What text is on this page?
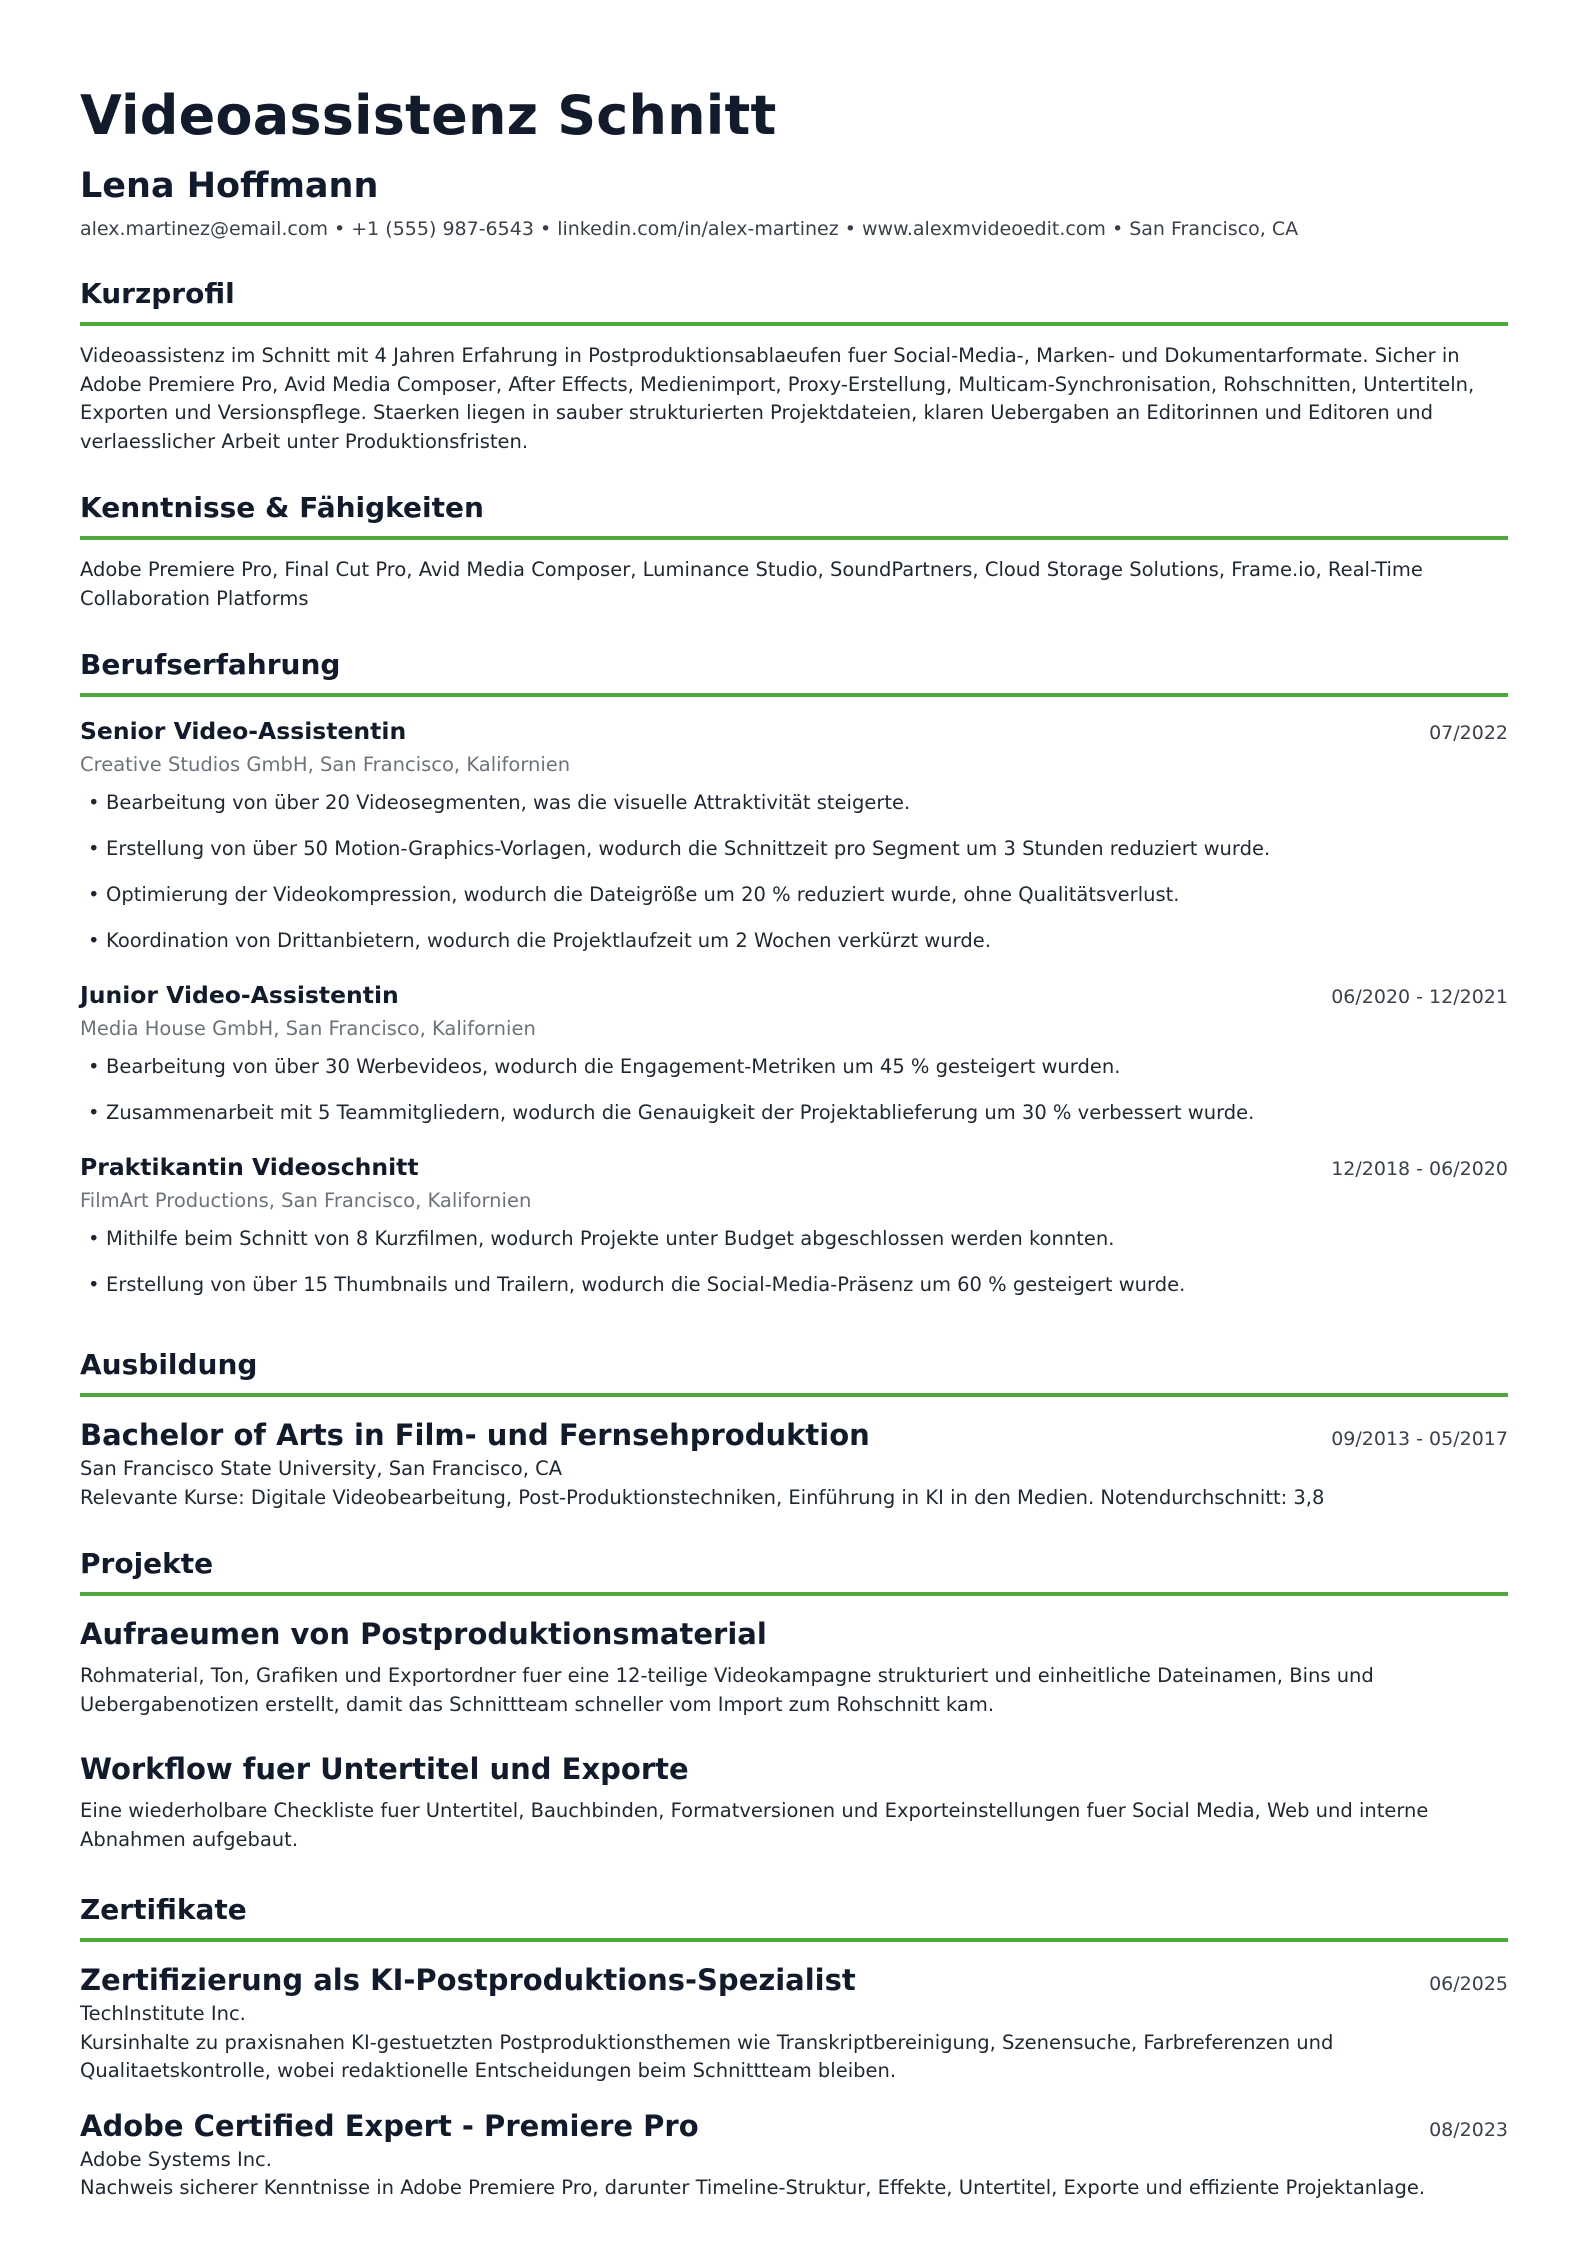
Videoassistenz Schnitt
Lena Hoffmann
alex.martinez@email.com • +1 (555) 987-6543 • linkedin.com/in/alex-martinez • www.alexmvideoedit.com • San Francisco, CA
Kurzprofil
Videoassistenz im Schnitt mit 4 Jahren Erfahrung in Postproduktionsablaeufen fuer Social-Media-, Marken- und Dokumentarformate. Sicher in Adobe Premiere Pro, Avid Media Composer, After Effects, Medienimport, Proxy-Erstellung, Multicam-Synchronisation, Rohschnitten, Untertiteln, Exporten und Versionspflege. Staerken liegen in sauber strukturierten Projektdateien, klaren Uebergaben an Editorinnen und Editoren und verlaesslicher Arbeit unter Produktionsfristen.
Kenntnisse & Fähigkeiten
Adobe Premiere Pro, Final Cut Pro, Avid Media Composer, Luminance Studio, SoundPartners, Cloud Storage Solutions, Frame.io, Real-Time Collaboration Platforms
Berufserfahrung
Senior Video-Assistentin	07/2022
Creative Studios GmbH, San Francisco, Kalifornien
• Bearbeitung von über 20 Videosegmenten, was die visuelle Attraktivität steigerte.
• Erstellung von über 50 Motion-Graphics-Vorlagen, wodurch die Schnittzeit pro Segment um 3 Stunden reduziert wurde.
• Optimierung der Videokompression, wodurch die Dateigröße um 20 % reduziert wurde, ohne Qualitätsverlust.
• Koordination von Drittanbietern, wodurch die Projektlaufzeit um 2 Wochen verkürzt wurde.
Junior Video-Assistentin	06/2020 - 12/2021
Media House GmbH, San Francisco, Kalifornien
• Bearbeitung von über 30 Werbevideos, wodurch die Engagement-Metriken um 45 % gesteigert wurden.
• Zusammenarbeit mit 5 Teammitgliedern, wodurch die Genauigkeit der Projektablieferung um 30 % verbessert wurde.
Praktikantin Videoschnitt	12/2018 - 06/2020
FilmArt Productions, San Francisco, Kalifornien
• Mithilfe beim Schnitt von 8 Kurzfilmen, wodurch Projekte unter Budget abgeschlossen werden konnten.
• Erstellung von über 15 Thumbnails und Trailern, wodurch die Social-Media-Präsenz um 60 % gesteigert wurde.
Ausbildung
Bachelor of Arts in Film- und Fernsehproduktion	09/2013 - 05/2017
San Francisco State University, San Francisco, CA
Relevante Kurse: Digitale Videobearbeitung, Post-Produktionstechniken, Einführung in KI in den Medien. Notendurchschnitt: 3,8
Projekte
Aufraeumen von Postproduktionsmaterial
Rohmaterial, Ton, Grafiken und Exportordner fuer eine 12-teilige Videokampagne strukturiert und einheitliche Dateinamen, Bins und Uebergabenotizen erstellt, damit das Schnittteam schneller vom Import zum Rohschnitt kam.
Workflow fuer Untertitel und Exporte
Eine wiederholbare Checkliste fuer Untertitel, Bauchbinden, Formatversionen und Exporteinstellungen fuer Social Media, Web und interne Abnahmen aufgebaut.
Zertifikate
Zertifizierung als KI-Postproduktions-Spezialist	06/2025
TechInstitute Inc.
Kursinhalte zu praxisnahen KI-gestuetzten Postproduktionsthemen wie Transkriptbereinigung, Szenensuche, Farbreferenzen und Qualitaetskontrolle, wobei redaktionelle Entscheidungen beim Schnittteam bleiben.
Adobe Certified Expert - Premiere Pro	08/2023
Adobe Systems Inc.
Nachweis sicherer Kenntnisse in Adobe Premiere Pro, darunter Timeline-Struktur, Effekte, Untertitel, Exporte und effiziente Projektanlage.
